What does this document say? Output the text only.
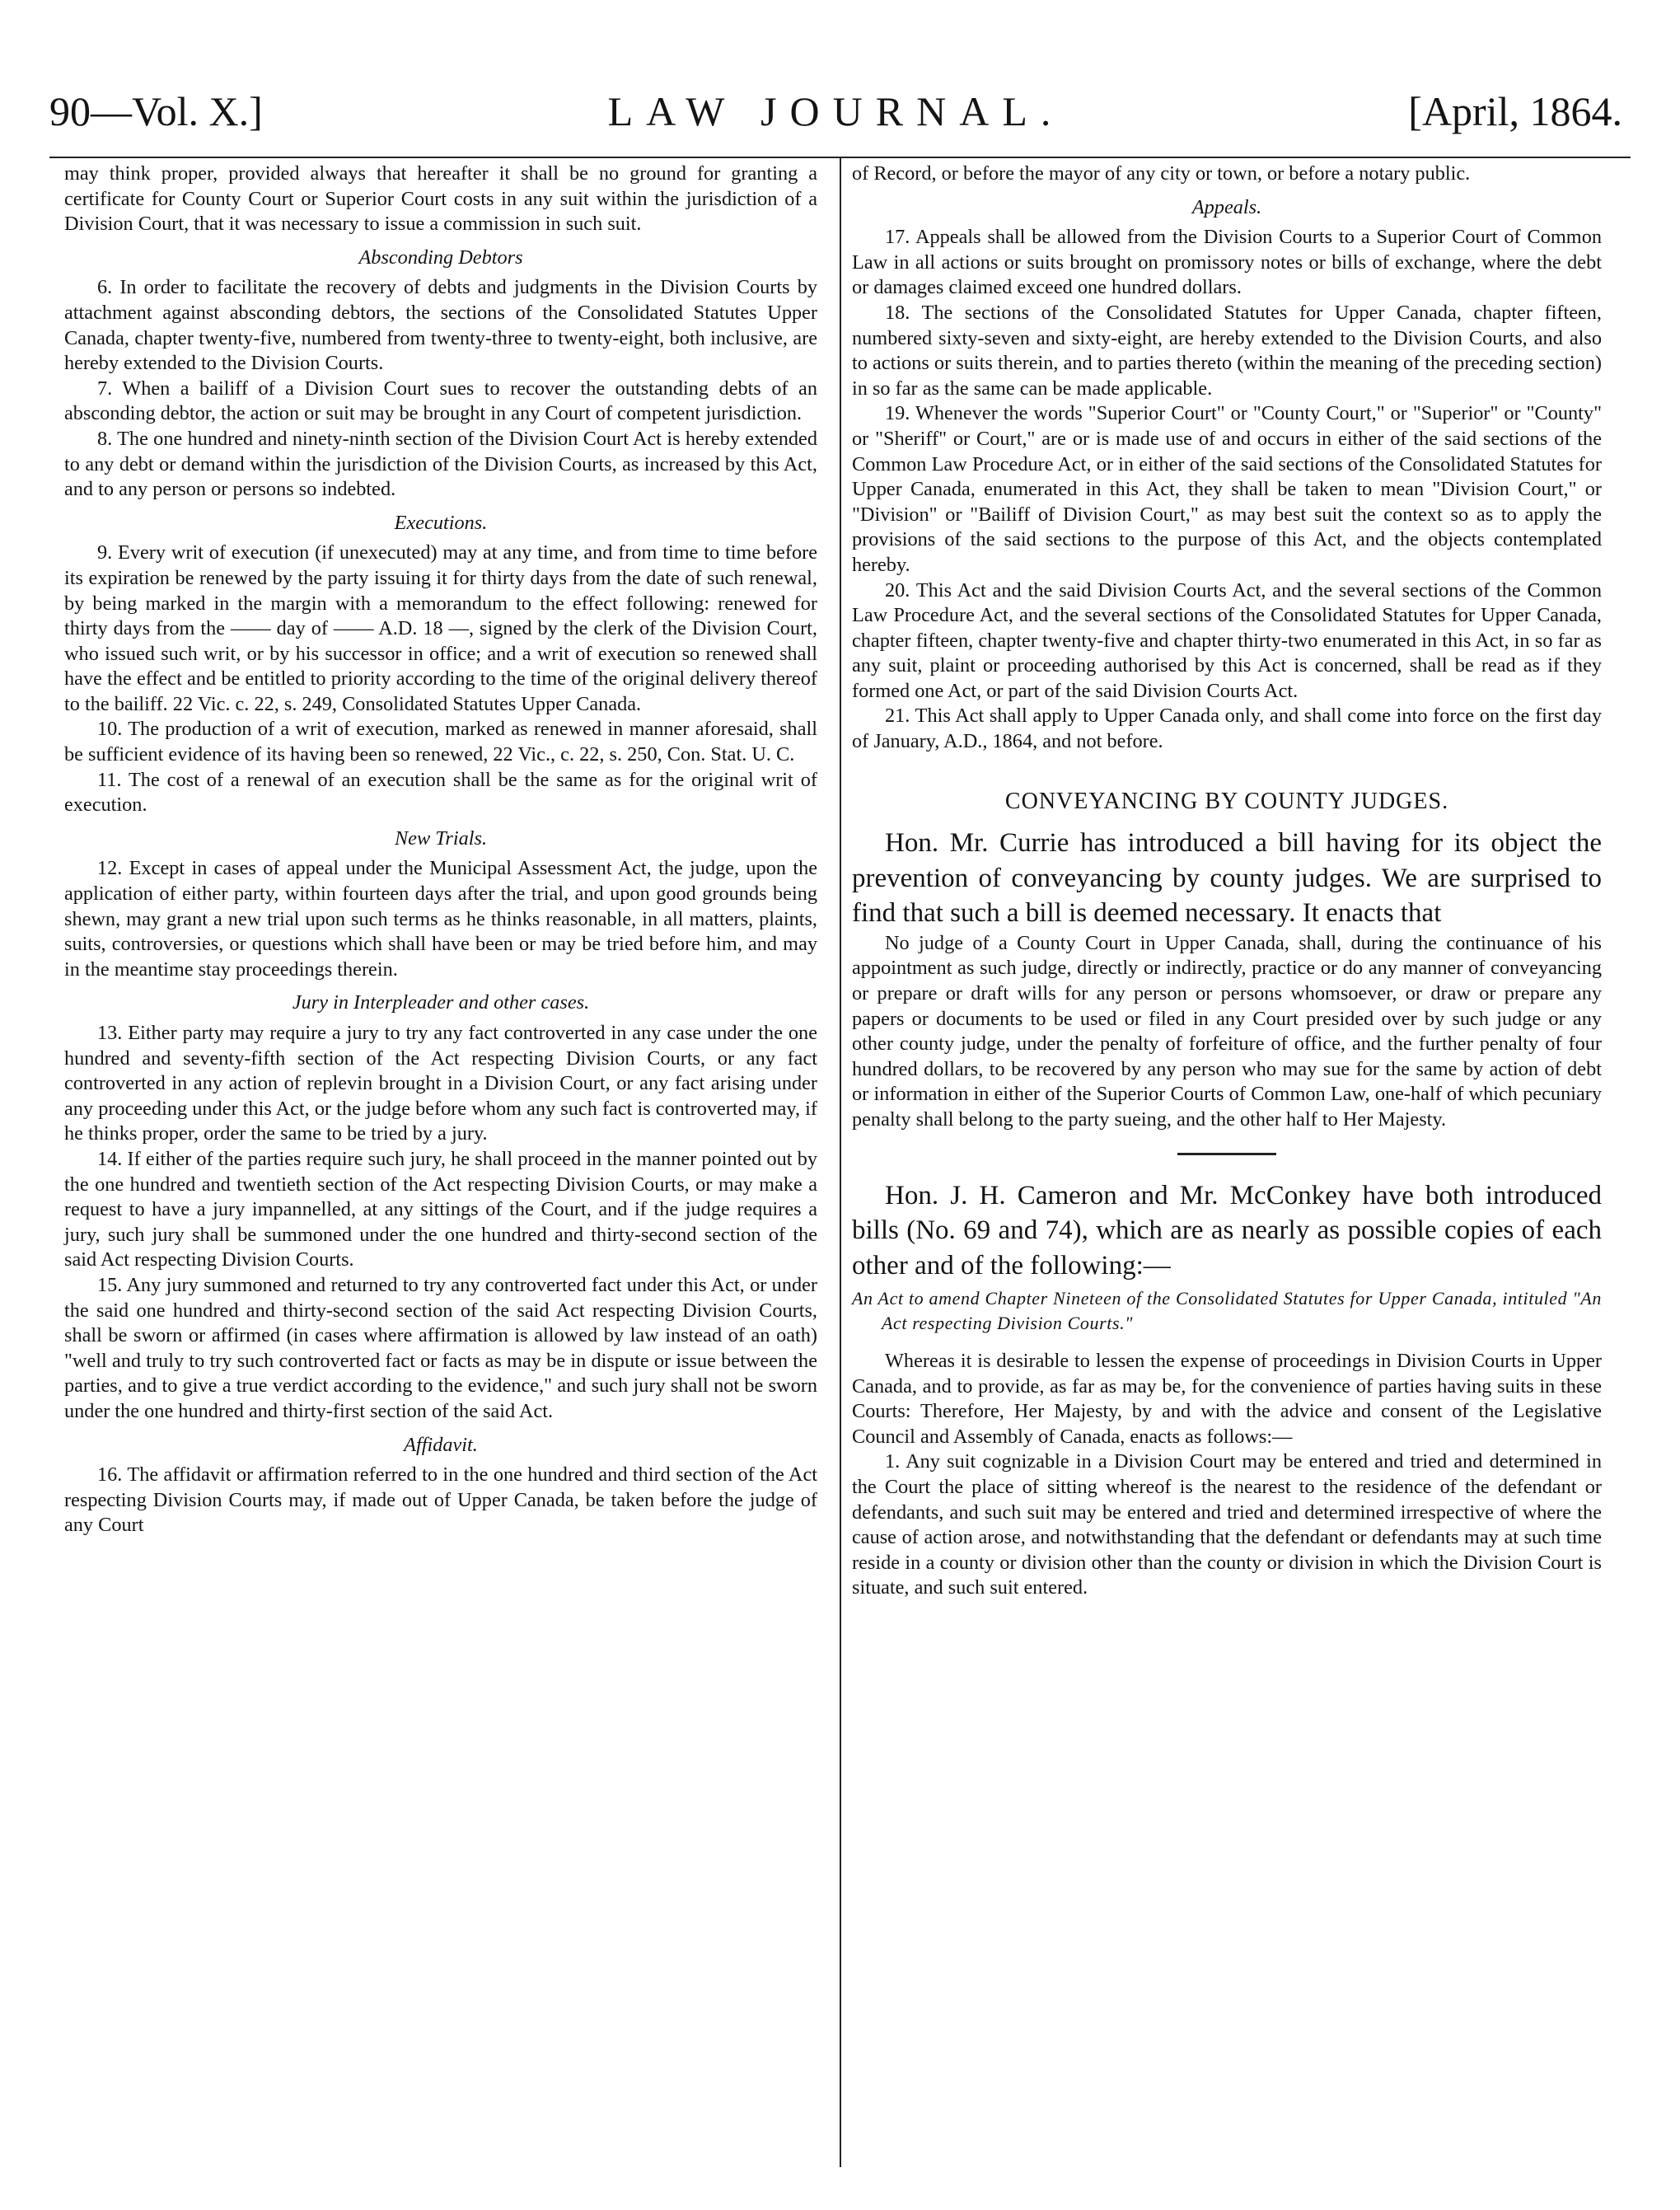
90—Vol. X.]	LAW JOURNAL.	[April, 1864.

may think proper, provided always that hereafter it shall be no ground for granting a certificate for County Court or Superior Court costs in any suit within the jurisdiction of a Division Court, that it was necessary to issue a commission in such suit.

Absconding Debtors

6. In order to facilitate the recovery of debts and judgments in the Division Courts by attachment against absconding debtors, the sections of the Consolidated Statutes Upper Canada, chapter twenty-five, numbered from twenty-three to twenty-eight, both inclusive, are hereby extended to the Division Courts.

7. When a bailiff of a Division Court sues to recover the outstanding debts of an absconding debtor, the action or suit may be brought in any Court of competent jurisdiction.

8. The one hundred and ninety-ninth section of the Division Court Act is hereby extended to any debt or demand within the jurisdiction of the Division Courts, as increased by this Act, and to any person or persons so indebted.

Executions.

9. Every writ of execution (if unexecuted) may at any time, and from time to time before its expiration be renewed by the party issuing it for thirty days from the date of such renewal, by being marked in the margin with a memorandum to the effect following: renewed for thirty days from the —— day of —— A.D. 18 —, signed by the clerk of the Division Court, who issued such writ, or by his successor in office; and a writ of execution so renewed shall have the effect and be entitled to priority according to the time of the original delivery thereof to the bailiff. 22 Vic. c. 22, s. 249, Consolidated Statutes Upper Canada.

10. The production of a writ of execution, marked as renewed in manner aforesaid, shall be sufficient evidence of its having been so renewed, 22 Vic., c. 22, s. 250, Con. Stat. U. C.

11. The cost of a renewal of an execution shall be the same as for the original writ of execution.

New Trials.

12. Except in cases of appeal under the Municipal Assessment Act, the judge, upon the application of either party, within fourteen days after the trial, and upon good grounds being shewn, may grant a new trial upon such terms as he thinks reasonable, in all matters, plaints, suits, controversies, or questions which shall have been or may be tried before him, and may in the meantime stay proceedings therein.

Jury in Interpleader and other cases.

13. Either party may require a jury to try any fact controverted in any case under the one hundred and seventy-fifth section of the Act respecting Division Courts, or any fact controverted in any action of replevin brought in a Division Court, or any fact arising under any proceeding under this Act, or the judge before whom any such fact is controverted may, if he thinks proper, order the same to be tried by a jury.

14. If either of the parties require such jury, he shall proceed in the manner pointed out by the one hundred and twentieth section of the Act respecting Division Courts, or may make a request to have a jury impannelled, at any sittings of the Court, and if the judge requires a jury, such jury shall be summoned under the one hundred and thirty-second section of the said Act respecting Division Courts.

15. Any jury summoned and returned to try any controverted fact under this Act, or under the said one hundred and thirty-second section of the said Act respecting Division Courts, shall be sworn or affirmed (in cases where affirmation is allowed by law instead of an oath) "well and truly to try such controverted fact or facts as may be in dispute or issue between the parties, and to give a true verdict according to the evidence," and such jury shall not be sworn under the one hundred and thirty-first section of the said Act.

Affidavit.

16. The affidavit or affirmation referred to in the one hundred and third section of the Act respecting Division Courts may, if made out of Upper Canada, be taken before the judge of any Court

of Record, or before the mayor of any city or town, or before a notary public.

Appeals.

17. Appeals shall be allowed from the Division Courts to a Superior Court of Common Law in all actions or suits brought on promissory notes or bills of exchange, where the debt or damages claimed exceed one hundred dollars.

18. The sections of the Consolidated Statutes for Upper Canada, chapter fifteen, numbered sixty-seven and sixty-eight, are hereby extended to the Division Courts, and also to actions or suits therein, and to parties thereto (within the meaning of the preceding section) in so far as the same can be made applicable.

19. Whenever the words "Superior Court" or "County Court," or "Superior" or "County" or "Sheriff" or Court," are or is made use of and occurs in either of the said sections of the Common Law Procedure Act, or in either of the said sections of the Consolidated Statutes for Upper Canada, enumerated in this Act, they shall be taken to mean "Division Court," or "Division" or "Bailiff of Division Court," as may best suit the context so as to apply the provisions of the said sections to the purpose of this Act, and the objects contemplated hereby.

20. This Act and the said Division Courts Act, and the several sections of the Common Law Procedure Act, and the several sections of the Consolidated Statutes for Upper Canada, chapter fifteen, chapter twenty-five and chapter thirty-two enumerated in this Act, in so far as any suit, plaint or proceeding authorised by this Act is concerned, shall be read as if they formed one Act, or part of the said Division Courts Act.

21. This Act shall apply to Upper Canada only, and shall come into force on the first day of January, A.D., 1864, and not before.

CONVEYANCING BY COUNTY JUDGES.

Hon. Mr. Currie has introduced a bill having for its object the prevention of conveyancing by county judges. We are surprised to find that such a bill is deemed necessary. It enacts that

No judge of a County Court in Upper Canada, shall, during the continuance of his appointment as such judge, directly or indirectly, practice or do any manner of conveyancing or prepare or draft wills for any person or persons whomsoever, or draw or prepare any papers or documents to be used or filed in any Court presided over by such judge or any other county judge, under the penalty of forfeiture of office, and the further penalty of four hundred dollars, to be recovered by any person who may sue for the same by action of debt or information in either of the Superior Courts of Common Law, one-half of which pecuniary penalty shall belong to the party sueing, and the other half to Her Majesty.

Hon. J. H. Cameron and Mr. McConkey have both introduced bills (No. 69 and 74), which are as nearly as possible copies of each other and of the following:—

An Act to amend Chapter Nineteen of the Consolidated Statutes for Upper Canada, intituled "An Act respecting Division Courts."

Whereas it is desirable to lessen the expense of proceedings in Division Courts in Upper Canada, and to provide, as far as may be, for the convenience of parties having suits in these Courts: Therefore, Her Majesty, by and with the advice and consent of the Legislative Council and Assembly of Canada, enacts as follows:—

1. Any suit cognizable in a Division Court may be entered and tried and determined in the Court the place of sitting whereof is the nearest to the residence of the defendant or defendants, and such suit may be entered and tried and determined irrespective of where the cause of action arose, and notwithstanding that the defendant or defendants may at such time reside in a county or division other than the county or division in which the Division Court is situate, and such suit entered.
